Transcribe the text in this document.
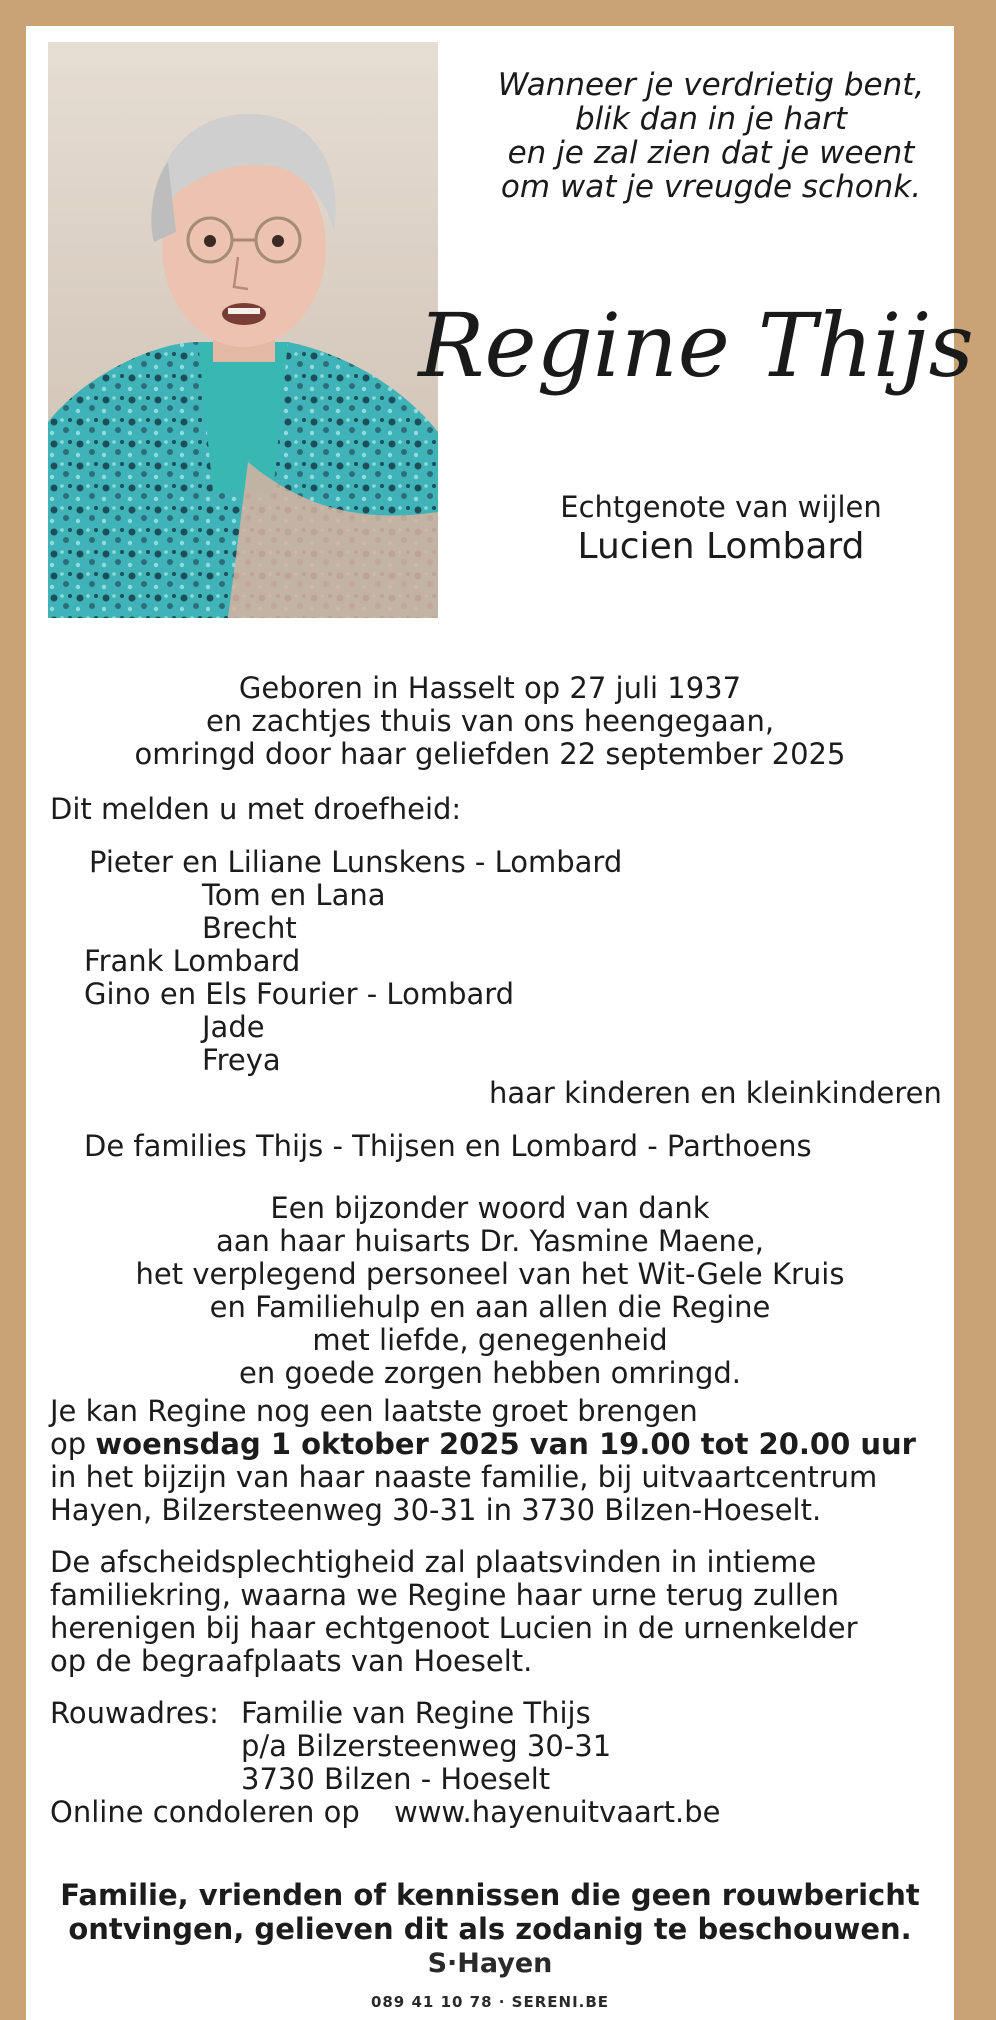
Wanneer je verdrietig bent,
blik dan in je hart
en je zal zien dat je weent
om wat je vreugde schonk.
Regine Thijs
Echtgenote van wijlen
Lucien Lombard
Geboren in Hasselt op 27 juli 1937
en zachtjes thuis van ons heengegaan,
omringd door haar geliefden 22 september 2025
Dit melden u met droefheid:
Pieter en Liliane Lunskens - Lombard
Tom en Lana
Brecht
Frank Lombard
Gino en Els Fourier - Lombard
Jade
Freya
haar kinderen en kleinkinderen
De families Thijs - Thijsen en Lombard - Parthoens
Een bijzonder woord van dank
aan haar huisarts Dr. Yasmine Maene,
het verplegend personeel van het Wit-Gele Kruis
en Familiehulp en aan allen die Regine
met liefde, genegenheid
en goede zorgen hebben omringd.
Je kan Regine nog een laatste groet brengen
op woensdag 1 oktober 2025 van 19.00 tot 20.00 uur
in het bijzijn van haar naaste familie, bij uitvaartcentrum
Hayen, Bilzersteenweg 30-31 in 3730 Bilzen-Hoeselt.
De afscheidsplechtigheid zal plaatsvinden in intieme
familiekring, waarna we Regine haar urne terug zullen
herenigen bij haar echtgenoot Lucien in de urnenkelder
op de begraafplaats van Hoeselt.
Rouwadres: Familie van Regine Thijs
p/a Bilzersteenweg 30-31
3730 Bilzen - Hoeselt
Online condoleren op www.hayenuitvaart.be
Familie, vrienden of kennissen die geen rouwbericht
ontvingen, gelieven dit als zodanig te beschouwen.
S·Hayen
089 41 10 78 · SERENI.BE
